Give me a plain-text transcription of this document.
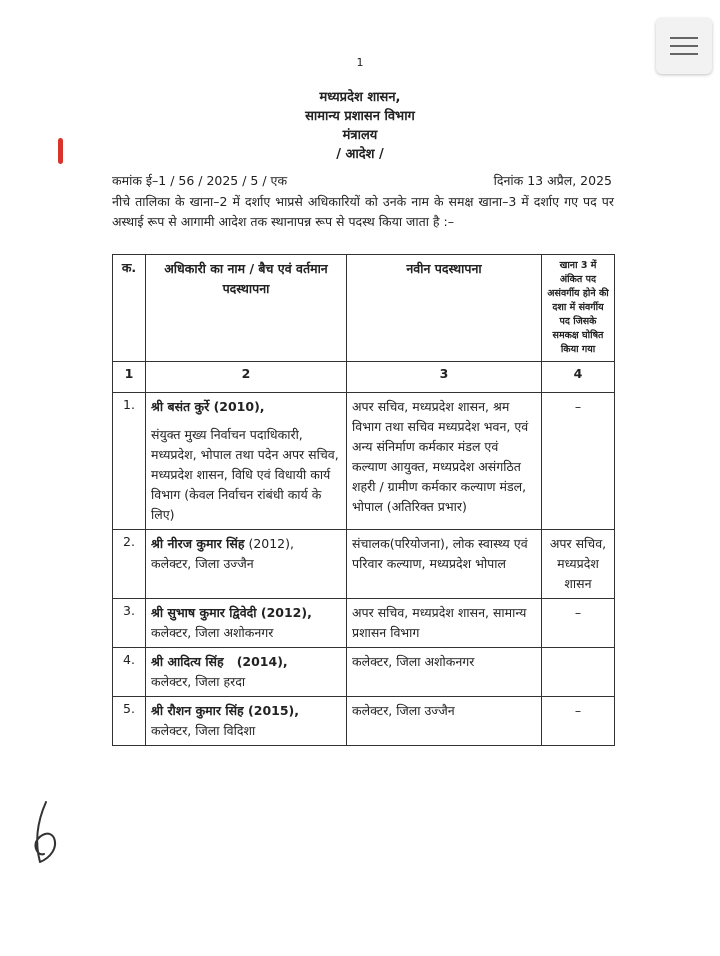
1
मध्यप्रदेश शासन,
सामान्य प्रशासन विभाग
मंत्रालय
/ आदेश /
कमांक ई–1 / 56 / 2025 / 5 / एक	दिनांक 13 अप्रैल, 2025
नीचे तालिका के खाना–2 में दर्शाए भाप्रसे अधिकारियों को उनके नाम के समक्ष खाना–3 में दर्शाए गए पद पर अस्थाई रूप से आगामी आदेश तक स्थानापन्न रूप से पदस्थ किया जाता है :–
क.	अधिकारी का नाम / बैच एवं वर्तमान पदस्थापना	नवीन पदस्थापना	खाना 3 में अंकित पद असंवर्गीय होने की दशा में संवर्गीय पद जिसके समकक्ष घोषित किया गया
1	2	3	4
1.	श्री बसंत कुर्रे (2010),
संयुक्त मुख्य निर्वाचन पदाधिकारी, मध्यप्रदेश, भोपाल तथा पदेन अपर सचिव, मध्यप्रदेश शासन, विधि एवं विधायी कार्य विभाग (केवल निर्वाचन रांबंधी कार्य के लिए)	अपर सचिव, मध्यप्रदेश शासन, श्रम विभाग तथा सचिव मध्यप्रदेश भवन, एवं अन्य संनिर्माण कर्मकार मंडल एवं कल्याण आयुक्त, मध्यप्रदेश असंगठित शहरी / ग्रामीण कर्मकार कल्याण मंडल, भोपाल (अतिरिक्त प्रभार)	–
2.	श्री नीरज कुमार सिंह (2012),
कलेक्टर, जिला उज्जैन	संचालक(परियोजना), लोक स्वास्थ्य एवं परिवार कल्याण, मध्यप्रदेश भोपाल	अपर सचिव, मध्यप्रदेश शासन
3.	श्री सुभाष कुमार द्विवेदी (2012),
कलेक्टर, जिला अशोकनगर	अपर सचिव, मध्यप्रदेश शासन, सामान्य प्रशासन विभाग	–
4.	श्री आदित्य सिंह   (2014),
कलेक्टर, जिला हरदा	कलेक्टर, जिला अशोकनगर	
5.	श्री रौशन कुमार सिंह (2015),
कलेक्टर, जिला विदिशा	कलेक्टर, जिला उज्जैन	–
